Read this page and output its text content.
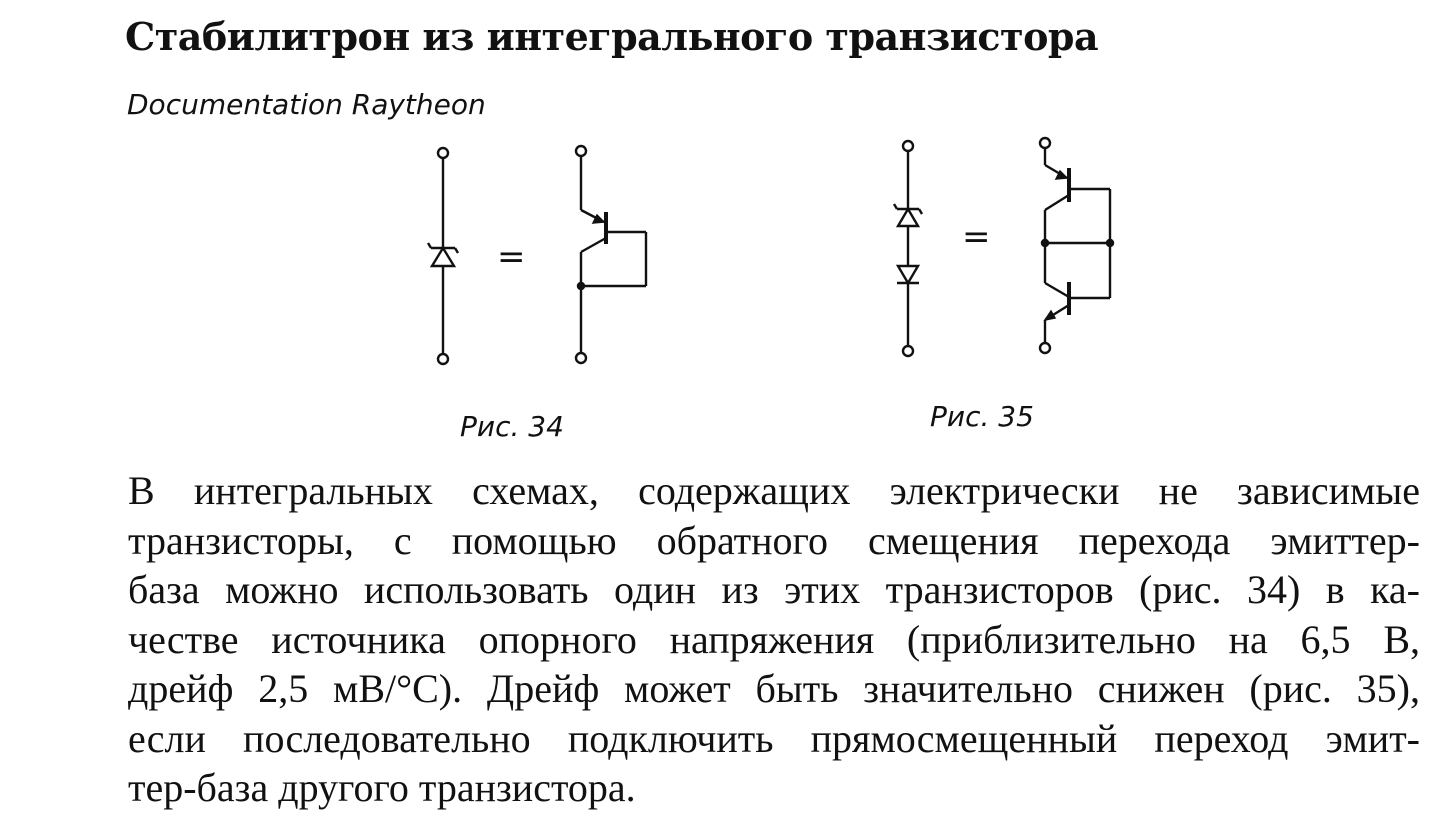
Стабилитрон из интегрального транзистора
Documentation Raytheon
=
Рис. 34
=
Рис. 35

В интегральных схемах, содержащих электрически не зависимые
транзисторы, с помощью обратного смещения перехода эмиттер-
база можно использовать один из этих транзисторов (рис. 34) в ка-
честве источника опорного напряжения (приблизительно на 6,5 В,
дрейф 2,5 мВ/°С). Дрейф может быть значительно снижен (рис. 35),
если последовательно подключить прямосмещенный переход эмит-
тер-база другого транзистора.
